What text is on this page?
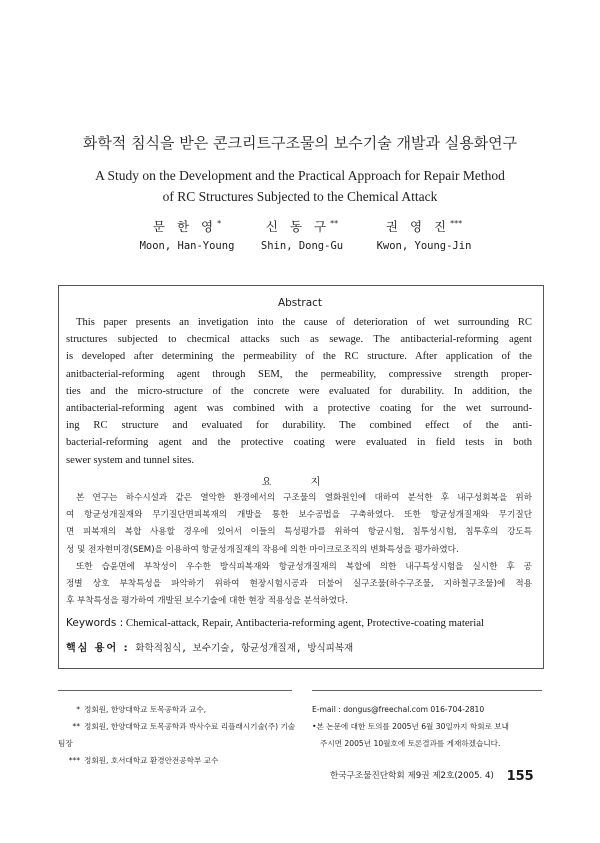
화학적 침식을 받은 콘크리트구조물의 보수기술 개발과 실용화연구
A Study on the Development and the Practical Approach for Repair Method
of RC Structures Subjected to the Chemical Attack
문 한 영*
Moon, Han-Young
신 동 구**
Shin, Dong-Gu
권 영 진***
Kwon, Young-Jin
Abstract
This paper presents an invetigation into the cause of deterioration of wet surrounding RC
structures subjected to checmical attacks such as sewage. The antibacterial-reforming agent
is developed after determining the permeability of the RC structure. After application of the
anitbacterial-reforming agent through SEM, the permeability, compressive strength proper-
ties and the micro-structure of the concrete were evaluated for durability. In addition, the
antibacterial-reforming agent was combined with a protective coating for the wet surround-
ing RC structure and evaluated for durability. The combined effect of the anti-
bacterial-reforming agent and the protective coating were evaluated in field tests in both
sewer system and tunnel sites.
요 지
본 연구는 하수시설과 같은 열악한 환경에서의 구조물의 열화원인에 대하여 분석한 후 내구성회복을 위하
여 항균성개질재와 무기질단면피복재의 개발을 통한 보수공법을 구축하였다. 또한 항균성개질재와 무기질단
면 피복재의 복합 사용할 경우에 있어서 이들의 특성평가를 위하여 항균시험, 침투성시험, 침투후의 강도특
성 및 전자현미경(SEM)을 이용하여 항균성개질재의 작용에 의한 마이크로조직의 변화특성을 평가하였다.
또한 습윤면에 부착성이 우수한 방식피복재와 항균성개질재의 복합에 의한 내구특성시험을 실시한 후 공
정별 상호 부착특성을 파악하기 위하여 현장시험시공과 더불어 실구조물(하수구조물, 지하철구조물)에 적용
후 부착특성을 평가하여 개발된 보수기술에 대한 현장 적용성을 분석하였다.
Keywords : Chemical-attack, Repair, Antibacteria-reforming agent, Protective-coating material
핵심 용어 : 화학적침식, 보수기술, 항균성개질재, 방식피복재
* 정회원, 한양대학교 토목공학과 교수,
** 정회원, 한양대학교 토목공학과 박사수료 리플래시기술(주) 기술팀장
*** 정회원, 호서대학교 환경안전공학부 교수
E-mail : dongus@freechal.com 016-704-2810
•본 논문에 대한 토의를 2005년 6월 30일까지 학회로 보내
주시면 2005년 10월호에 토론결과를 게재하겠습니다.
한국구조물진단학회 제9권 제2호(2005. 4) 155
